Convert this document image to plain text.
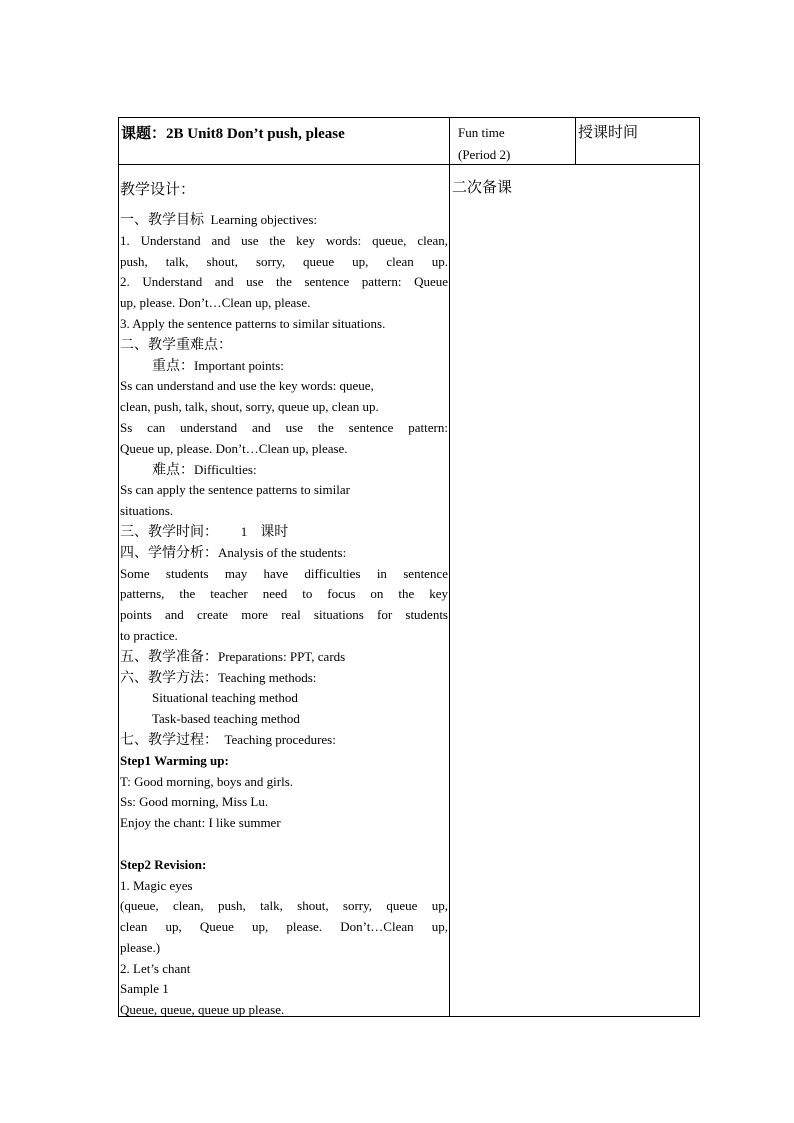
课题：2B Unit8 Don’t push, please	Fun time
(Period 2)
授课时间
二次备课
教学设计：
一、教学目标 Learning objectives:
1. Understand and use the key words: queue, clean,
push, talk, shout, sorry, queue up, clean up.
2. Understand and use the sentence pattern: Queue
up, please. Don’t…Clean up, please.
3. Apply the sentence patterns to similar situations.
二、教学重难点：
重点：Important points:
Ss can understand and use the key words: queue,
clean, push, talk, shout, sorry, queue up, clean up.
Ss can understand and use the sentence pattern:
Queue up, please. Don’t…Clean up, please.
难点：Difficulties:
Ss can apply the sentence patterns to similar
situations.
三、教学时间： 1 课时
四、学情分析：Analysis of the students:
Some students may have difficulties in sentence
patterns, the teacher need to focus on the key
points and create more real situations for students
to practice.
五、教学准备：Preparations: PPT, cards
六、教学方法：Teaching methods:
Situational teaching method
Task-based teaching method
七、教学过程： Teaching procedures:
Step1 Warming up:
T: Good morning, boys and girls.
Ss: Good morning, Miss Lu.
Enjoy the chant: I like summer
Step2 Revision:
1. Magic eyes
(queue, clean, push, talk, shout, sorry, queue up,
clean up, Queue up, please. Don’t…Clean up,
please.)
2. Let’s chant
Sample 1
Queue, queue, queue up please.
